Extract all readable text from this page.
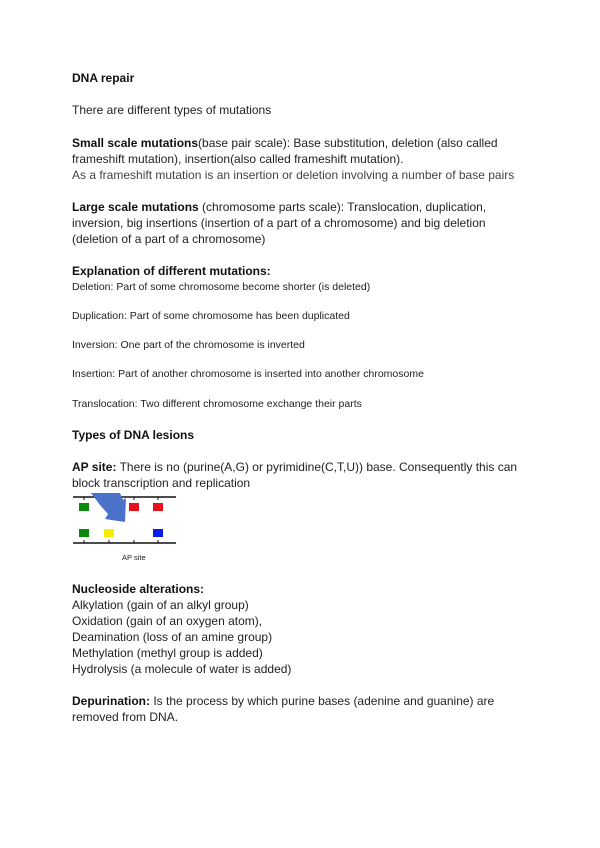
DNA repair
There are different types of mutations
Small scale mutations(base pair scale): Base substitution, deletion (also called
frameshift mutation), insertion(also called frameshift mutation).
As a frameshift mutation is an insertion or deletion involving a number of base pairs
Large scale mutations (chromosome parts scale): Translocation, duplication,
inversion, big insertions (insertion of a part of a chromosome) and big deletion
(deletion of a part of a chromosome)
Explanation of different mutations:
Deletion: Part of some chromosome become shorter (is deleted)
Duplication: Part of some chromosome has been duplicated
Inversion: One part of the chromosome is inverted
Insertion: Part of another chromosome is inserted into another chromosome
Translocation: Two different chromosome exchange their parts
Types of DNA lesions
AP site: There is no (purine(A,G) or pyrimidine(C,T,U)) base. Consequently this can
block transcription and replication
AP site
Nucleoside alterations:
Alkylation (gain of an alkyl group)
Oxidation (gain of an oxygen atom),
Deamination (loss of an amine group)
Methylation (methyl group is added)
Hydrolysis (a molecule of water is added)
Depurination: Is the process by which purine bases (adenine and guanine) are
removed from DNA.
